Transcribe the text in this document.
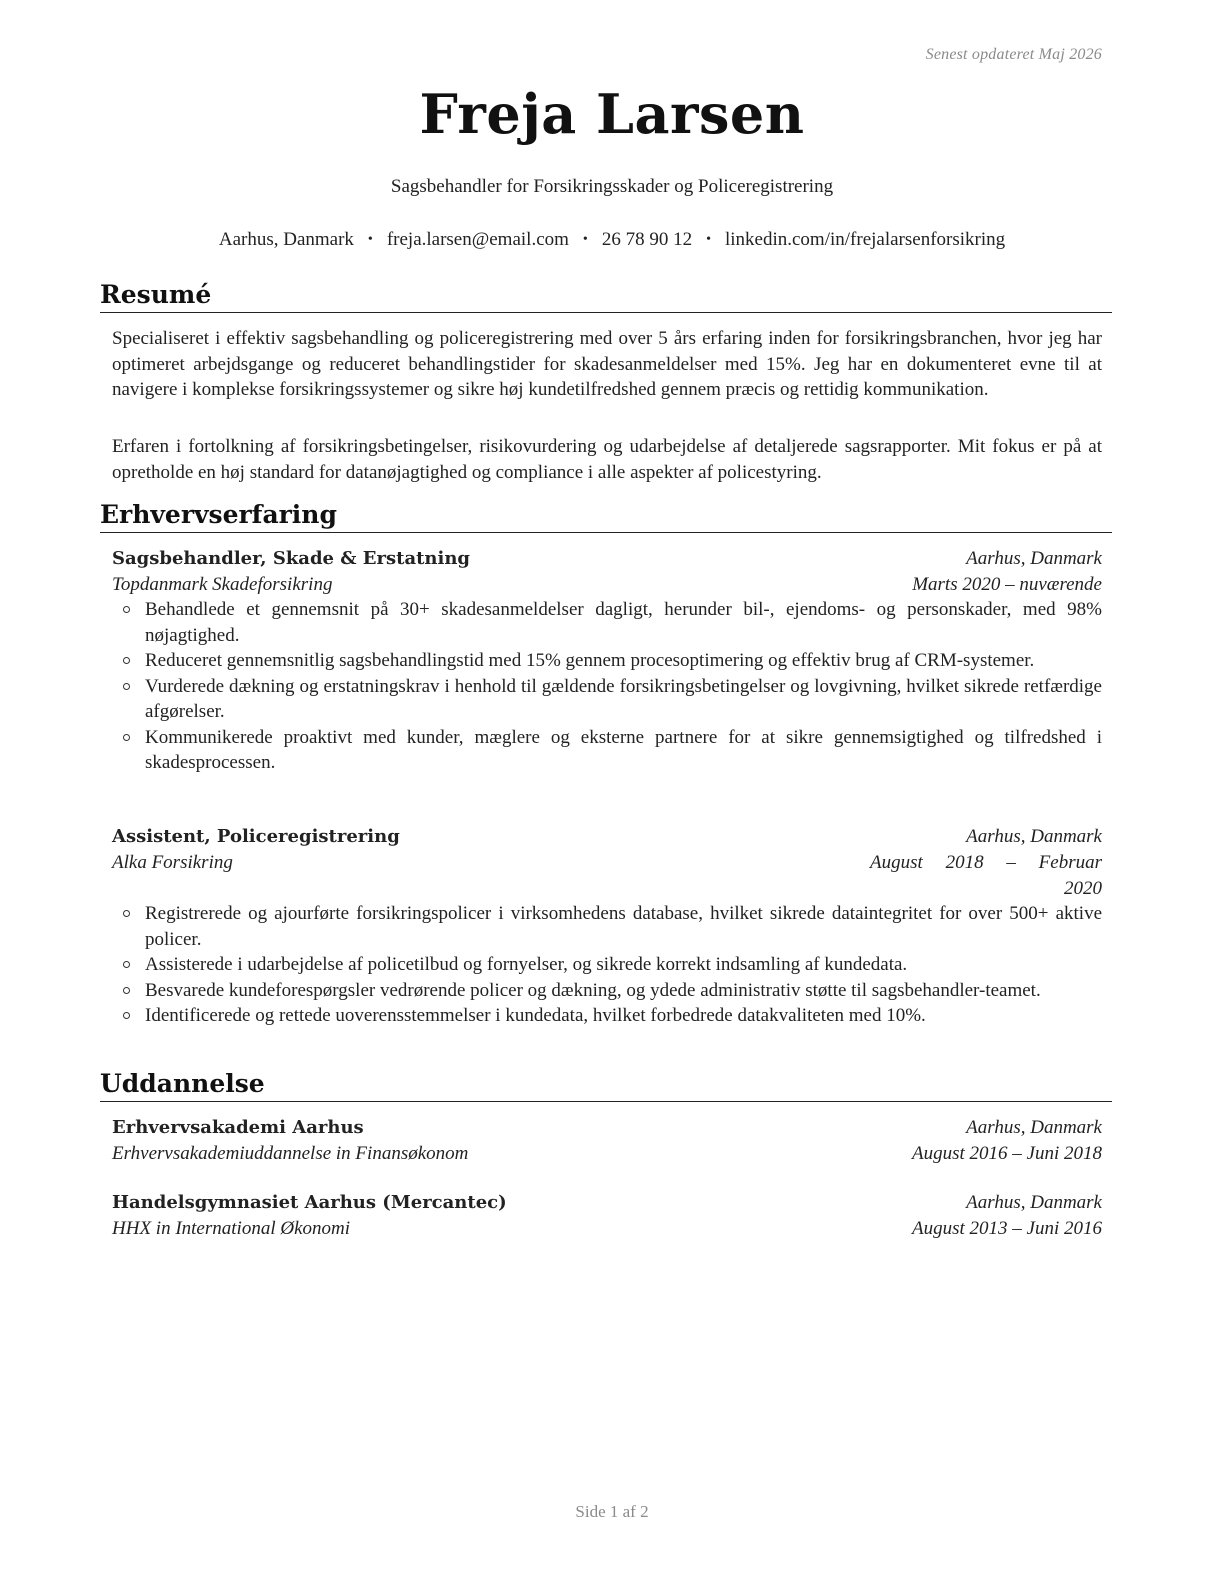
Senest opdateret Maj 2026
Freja Larsen
Sagsbehandler for Forsikringsskader og Policeregistrering
Aarhus, Danmark • freja.larsen@email.com • 26 78 90 12 • linkedin.com/in/frejalarsenforsikring
Resumé
Specialiseret i effektiv sagsbehandling og policeregistrering med over 5 års erfaring inden for forsikringsbranchen, hvor jeg har optimeret arbejdsgange og reduceret behandlingstider for skadesanmeldelser med 15%. Jeg har en dokumenteret evne til at navigere i komplekse forsikringssystemer og sikre høj kundetilfredshed gennem præcis og rettidig kommunikation.
Erfaren i fortolkning af forsikringsbetingelser, risikovurdering og udarbejdelse af detaljerede sagsrapporter. Mit fokus er på at opretholde en høj standard for datanøjagtighed og compliance i alle aspekter af policestyring.
Erhvervserfaring
Sagsbehandler, Skade & Erstatning	Aarhus, Danmark
Topdanmark Skadeforsikring	Marts 2020 – nuværende
Behandlede et gennemsnit på 30+ skadesanmeldelser dagligt, herunder bil-, ejendoms- og personskader, med 98% nøjagtighed.
Reduceret gennemsnitlig sagsbehandlingstid med 15% gennem procesoptimering og effektiv brug af CRM-systemer.
Vurderede dækning og erstatningskrav i henhold til gældende forsikringsbetingelser og lovgivning, hvilket sikrede retfærdige afgørelser.
Kommunikerede proaktivt med kunder, mæglere og eksterne partnere for at sikre gennemsigtighed og tilfredshed i skadesprocessen.
Assistent, Policeregistrering	Aarhus, Danmark
Alka Forsikring	August 2018 – Februar
2020
Registrerede og ajourførte forsikringspolicer i virksomhedens database, hvilket sikrede dataintegritet for over 500+ aktive policer.
Assisterede i udarbejdelse af policetilbud og fornyelser, og sikrede korrekt indsamling af kundedata.
Besvarede kundeforespørgsler vedrørende policer og dækning, og ydede administrativ støtte til sagsbehandler-teamet.
Identificerede og rettede uoverensstemmelser i kundedata, hvilket forbedrede datakvaliteten med 10%.
Uddannelse
Erhvervsakademi Aarhus	Aarhus, Danmark
Erhvervsakademiuddannelse in Finansøkonom	August 2016 – Juni 2018
Handelsgymnasiet Aarhus (Mercantec)	Aarhus, Danmark
HHX in International Økonomi	August 2013 – Juni 2016
Side 1 af 2
